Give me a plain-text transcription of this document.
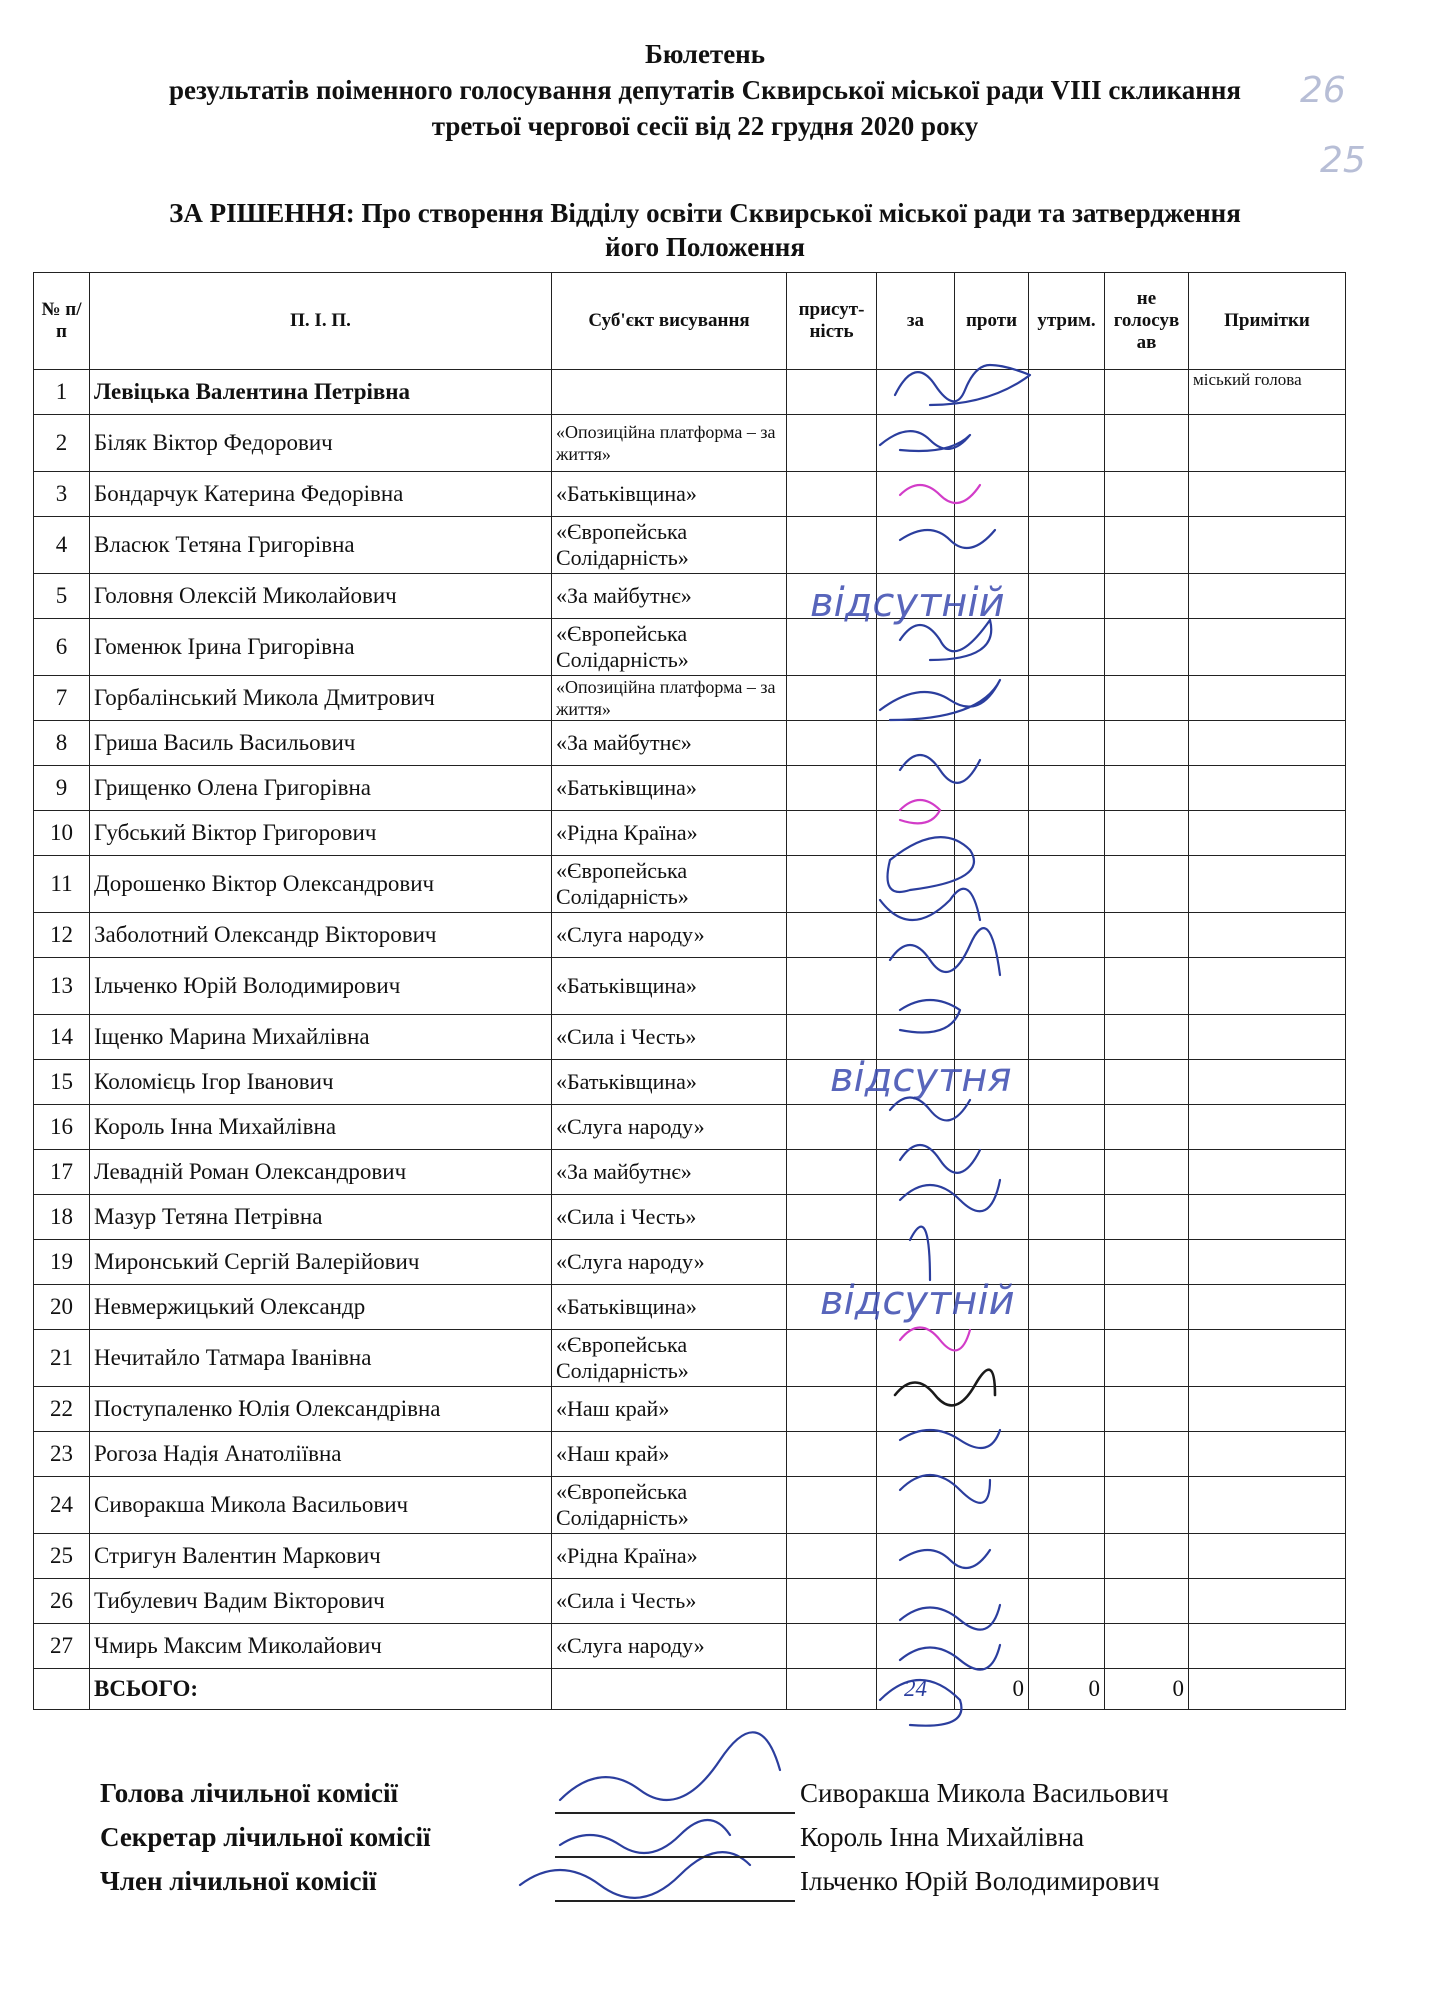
Бюлетень
результатів поіменного голосування депутатів Сквирської міської ради VIII скликання
третьої чергової сесії від 22 грудня 2020 року
ЗА РІШЕННЯ: Про створення Відділу освіти Сквирської міської ради та затвердження
його Положення
26
25
№ п/п	П. І. П.	Суб'єкт висування	присут-ність	за	проти	утрим.	не голосув ав	Примітки
1	Левіцька Валентина Петрівна							міський голова
2	Біляк Віктор Федорович	«Опозиційна платформа – за життя»						
3	Бондарчук Катерина Федорівна	«Батьківщина»						
4	Власюк Тетяна Григорівна	«Європейська Солідарність»						
5	Головня Олексій Миколайович	«За майбутнє»						
6	Гоменюк Ірина Григорівна	«Європейська Солідарність»						
7	Горбалінський Микола Дмитрович	«Опозиційна платформа – за життя»						
8	Гриша Василь Васильович	«За майбутнє»						
9	Грищенко Олена Григорівна	«Батьківщина»						
10	Губський Віктор Григорович	«Рідна Країна»						
11	Дорошенко Віктор Олександрович	«Європейська Солідарність»						
12	Заболотний Олександр Вікторович	«Слуга народу»						
13	Ільченко Юрій Володимирович	«Батьківщина»						
14	Іщенко Марина Михайлівна	«Сила і Честь»						
15	Коломієць Ігор Іванович	«Батьківщина»						
16	Король Інна Михайлівна	«Слуга народу»						
17	Левадній Роман Олександрович	«За майбутнє»						
18	Мазур Тетяна Петрівна	«Сила і Честь»						
19	Миронський Сергій Валерійович	«Слуга народу»						
20	Невмержицький Олександр	«Батьківщина»						
21	Нечитайло Татмара Іванівна	«Європейська Солідарність»						
22	Поступаленко Юлія Олександрівна	«Наш край»						
23	Рогоза Надія Анатоліївна	«Наш край»						
24	Сиворакша Микола Васильович	«Європейська Солідарність»						
25	Стригун Валентин Маркович	«Рідна Країна»						
26	Тибулевич Вадим Вікторович	«Сила і Честь»						
27	Чмирь Максим Миколайович	«Слуга народу»						
	ВСЬОГО:			24	0	0	0	
відсутній
відсутня
відсутній
Голова лічильної комісії	Сиворакша Микола Васильович
Секретар лічильної комісії	Король Інна Михайлівна
Член лічильної комісії	Ільченко Юрій Володимирович
